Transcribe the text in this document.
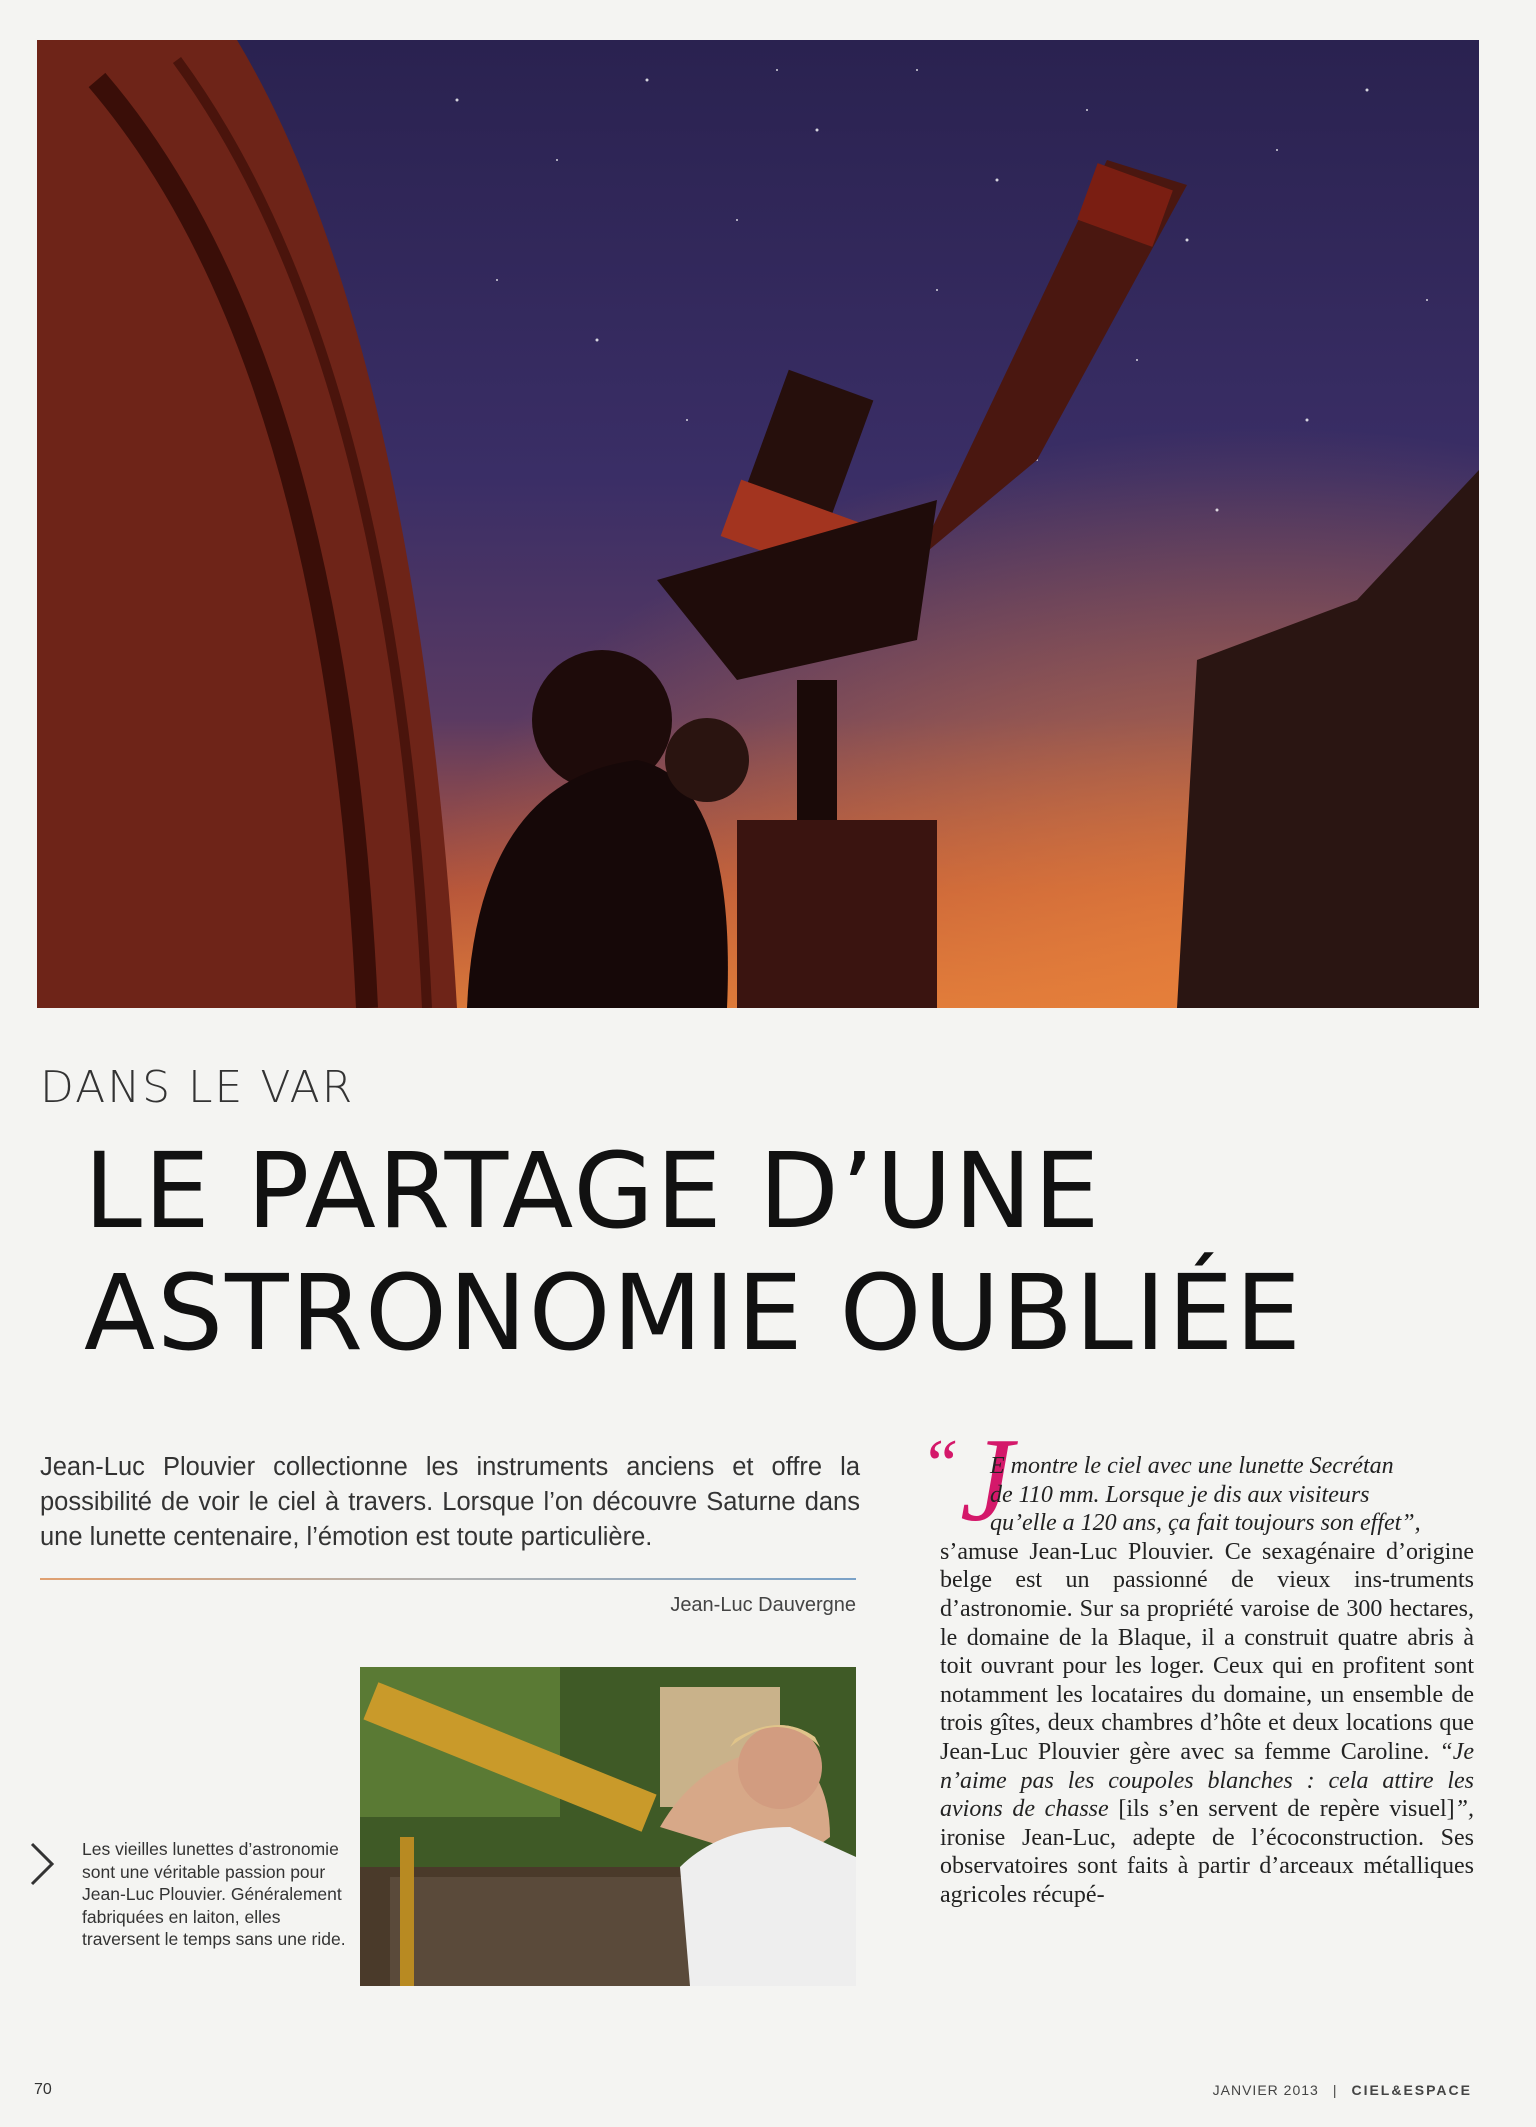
DANS LE VAR
LE PARTAGE D’UNE
ASTRONOMIE OUBLIÉE
Jean-Luc Plouvier collectionne les instruments anciens et offre la possibilité de voir le ciel à travers. Lorsque l’on découvre Saturne dans une lunette centenaire, l’émotion est toute particulière.
Jean-Luc Dauvergne
Les vieilles lunettes d’astronomie sont une véritable passion pour Jean-Luc Plouvier. Généralement fabriquées en laiton, elles traversent le temps sans une ride.
“ J

E montre le ciel avec une lunette Secrétan
de 110 mm. Lorsque je dis aux visiteurs
qu’elle a 120 ans, ça fait toujours son effet”,
s’amuse Jean-Luc Plouvier. Ce sexagénaire d’origine belge est un passionné de vieux ins-truments d’astronomie. Sur sa propriété varoise de 300 hectares, le domaine de la Blaque, il a construit quatre abris à toit ouvrant pour les loger. Ceux qui en profitent sont notamment les locataires du domaine, un ensemble de trois gîtes, deux chambres d’hôte et deux locations que Jean-Luc Plouvier gère avec sa femme Caroline. “Je n’aime pas les coupoles blanches : cela attire les avions de chasse [ils s’en servent de repère visuel]”, ironise Jean-Luc, adepte de l’écoconstruction. Ses observatoires sont faits à partir d’arceaux métalliques agricoles récupé-

70	JANVIER 2013 | CIEL&ESPACE
